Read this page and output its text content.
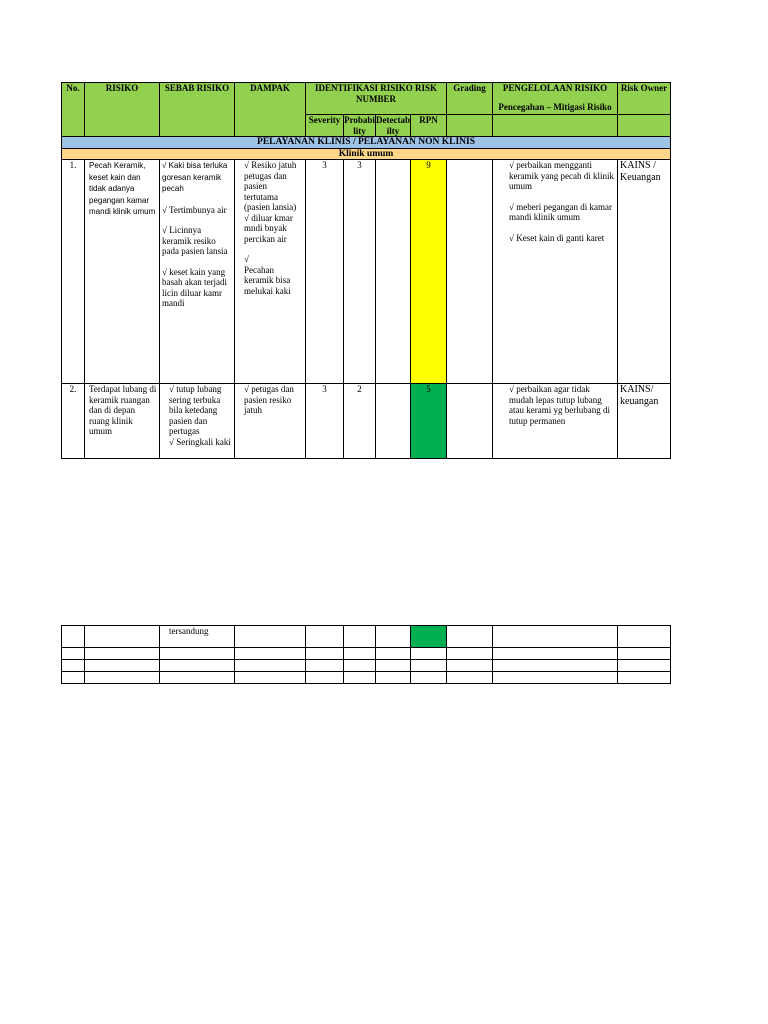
No.	RISIKO	SEBAB RISIKO	DAMPAK	IDENTIFIKASI RISIKO RISK NUMBER				Grading	PENGELOLAAN RISIKO
Pencegahan – Mitigasi Risiko	Risk Owner
				Severity	Probability	Detectabilty	RPN			
PELAYANAN KLINIS / PELAYANAN NON KLINIS										
Klinik umum										
1.	Pecah Keramik, keset kain dan tidak adanya pegangan kamar mandi klinik umum	√ Kaki bisa terluka goresan keramik pecah
√ Tertimbunya air
√ Licinnya keramik resiko pada pasien lansia
√ keset kain yang basah akan terjadi licin diluar kamr mandi	√ Resiko jatuh petugas dan pasien tertutama (pasien lansia)
√ diluar kmar mndi bnyak percikan air
√
Pecahan keramik bisa melukai kaki	3	3		9		√ perbaikan mengganti keramik yang pecah di klinik umum
√ meberi pegangan di kamar mandi klinik umum
√ Keset kain di ganti karet	KAINS / Keuangan
2.	Terdapat lubang di keramik ruangan dan di depan ruang klinik umum	√ tutup lubang sering terbuka bila ketedang pasien dan pertugas
√ Seringkali kaki	√ petugas dan pasien resiko jatuh	3	2		5		√ perbaikan agar tidak mudah lepas tutup lubang atau kerami yg berlubang di tutup permanen	KAINS/ keuangan
		tersandung								
